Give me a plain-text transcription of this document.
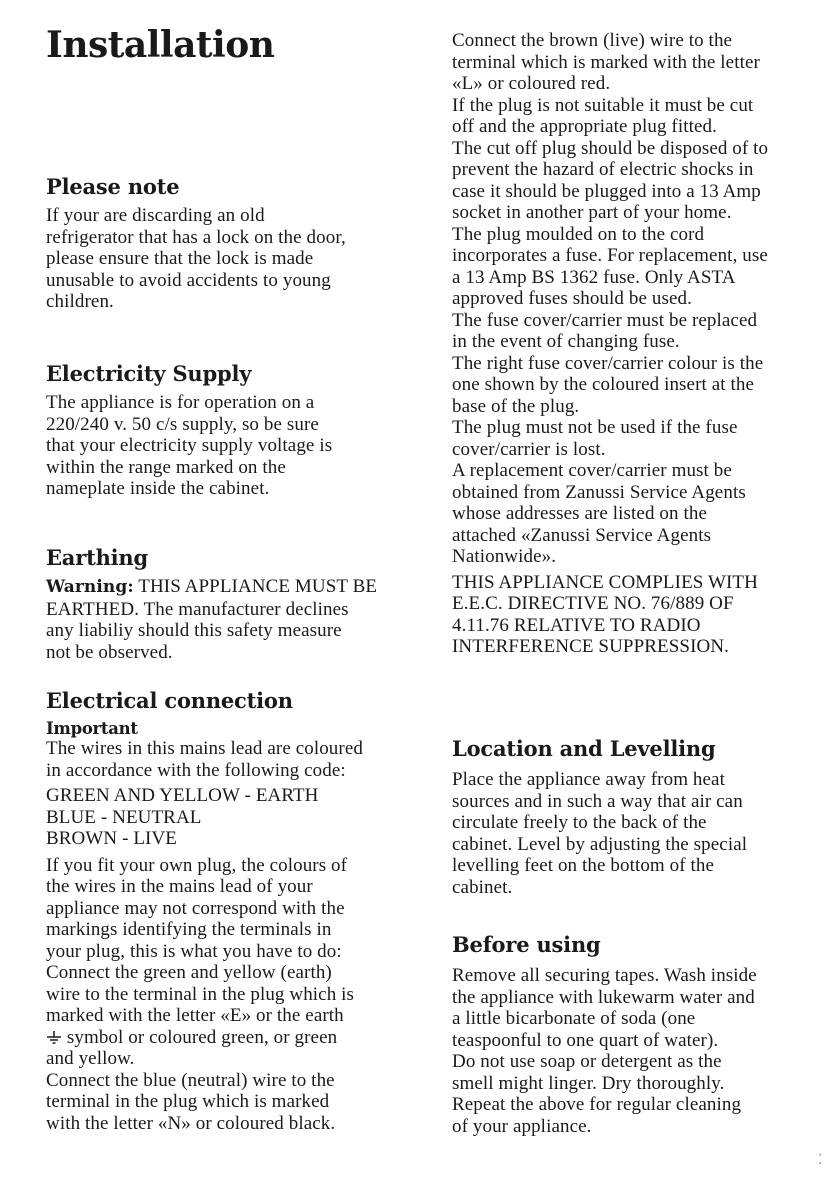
Installation
Please note

If your are discarding an old
refrigerator that has a lock on the door,
please ensure that the lock is made
unusable to avoid accidents to young
children.

Electricity Supply

The appliance is for operation on a
220/240 v. 50 c/s supply, so be sure
that your electricity supply voltage is
within the range marked on the
nameplate inside the cabinet.

Earthing

Warning: THIS APPLIANCE MUST BE
EARTHED. The manufacturer declines
any liabiliy should this safety measure
not be observed.

Electrical connection
Important

The wires in this mains lead are coloured
in accordance with the following code:

GREEN AND YELLOW - EARTH
BLUE - NEUTRAL
BROWN - LIVE

If you fit your own plug, the colours of
the wires in the mains lead of your
appliance may not correspond with the
markings identifying the terminals in
your plug, this is what you have to do:
Connect the green and yellow (earth)
wire to the terminal in the plug which is
marked with the letter «E» or the earth
symbol or coloured green, or green
and yellow.

Connect the blue (neutral) wire to the
terminal in the plug which is marked
with the letter «N» or coloured black.

Connect the brown (live) wire to the
terminal which is marked with the letter
«L» or coloured red.
If the plug is not suitable it must be cut
off and the appropriate plug fitted.
The cut off plug should be disposed of to
prevent the hazard of electric shocks in
case it should be plugged into a 13 Amp
socket in another part of your home.
The plug moulded on to the cord
incorporates a fuse. For replacement, use
a 13 Amp BS 1362 fuse. Only ASTA
approved fuses should be used.
The fuse cover/carrier must be replaced
in the event of changing fuse.
The right fuse cover/carrier colour is the
one shown by the coloured insert at the
base of the plug.
The plug must not be used if the fuse
cover/carrier is lost.
A replacement cover/carrier must be
obtained from Zanussi Service Agents
whose addresses are listed on the
attached «Zanussi Service Agents
Nationwide».

THIS APPLIANCE COMPLIES WITH
E.E.C. DIRECTIVE NO. 76/889 OF
4.11.76 RELATIVE TO RADIO
INTERFERENCE SUPPRESSION.

Location and Levelling

Place the appliance away from heat
sources and in such a way that air can
circulate freely to the back of the
cabinet. Level by adjusting the special
levelling feet on the bottom of the
cabinet.

Before using

Remove all securing tapes. Wash inside
the appliance with lukewarm water and
a little bicarbonate of soda (one
teaspoonful to one quart of water).
Do not use soap or detergent as the
smell might linger. Dry thoroughly.
Repeat the above for regular cleaning
of your appliance.

⁚
